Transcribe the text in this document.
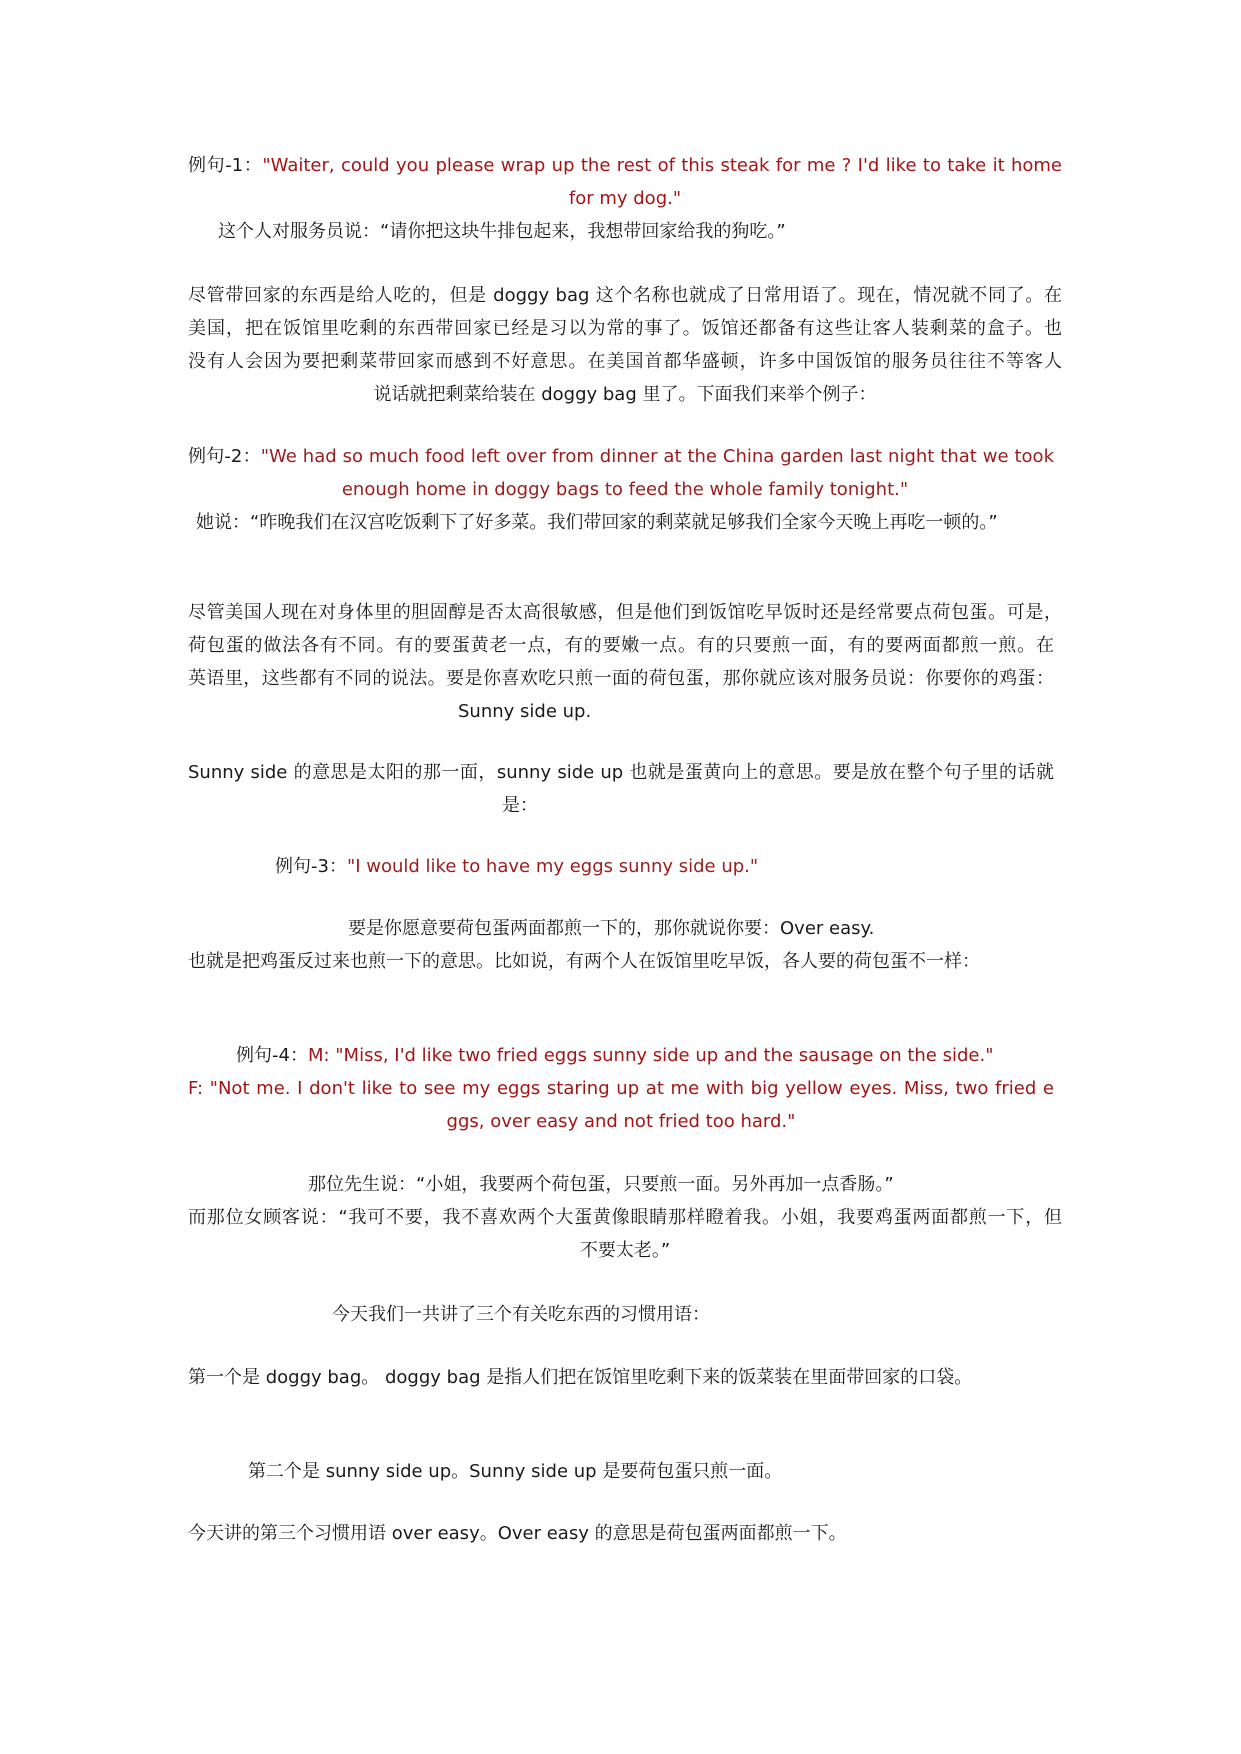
例句-1："Waiter, could you please wrap up the rest of this steak for me ? I'd like to take it home
for my dog."
这个人对服务员说：“请你把这块牛排包起来，我想带回家给我的狗吃。”
尽管带回家的东西是给人吃的，但是 doggy bag 这个名称也就成了日常用语了。现在，情况就不同了。在
美国，把在饭馆里吃剩的东西带回家已经是习以为常的事了。饭馆还都备有这些让客人装剩菜的盒子。也
没有人会因为要把剩菜带回家而感到不好意思。在美国首都华盛顿，许多中国饭馆的服务员往往不等客人
说话就把剩菜给装在 doggy bag 里了。下面我们来举个例子：
例句-2："We had so much food left over from dinner at the China garden last night that we took
enough home in doggy bags to feed the whole family tonight."
她说：“昨晚我们在汉宫吃饭剩下了好多菜。我们带回家的剩菜就足够我们全家今天晚上再吃一顿的。”
尽管美国人现在对身体里的胆固醇是否太高很敏感，但是他们到饭馆吃早饭时还是经常要点荷包蛋。可是，
荷包蛋的做法各有不同。有的要蛋黄老一点，有的要嫩一点。有的只要煎一面，有的要两面都煎一煎。在
英语里，这些都有不同的说法。要是你喜欢吃只煎一面的荷包蛋，那你就应该对服务员说：你要你的鸡蛋：
Sunny side up.
Sunny side 的意思是太阳的那一面，sunny side up 也就是蛋黄向上的意思。要是放在整个句子里的话就
是：
例句-3："I would like to have my eggs sunny side up."
要是你愿意要荷包蛋两面都煎一下的，那你就说你要：Over easy.
也就是把鸡蛋反过来也煎一下的意思。比如说，有两个人在饭馆里吃早饭，各人要的荷包蛋不一样：
例句-4：M: "Miss, I'd like two fried eggs sunny side up and the sausage on the side."
F: "Not me. I don't like to see my eggs staring up at me with big yellow eyes. Miss, two fried e
ggs, over easy and not fried too hard."
那位先生说：“小姐，我要两个荷包蛋，只要煎一面。另外再加一点香肠。”
而那位女顾客说：“我可不要，我不喜欢两个大蛋黄像眼睛那样瞪着我。小姐，我要鸡蛋两面都煎一下，但
不要太老。”
今天我们一共讲了三个有关吃东西的习惯用语：
第一个是 doggy bag。 doggy bag 是指人们把在饭馆里吃剩下来的饭菜装在里面带回家的口袋。
第二个是 sunny side up。Sunny side up 是要荷包蛋只煎一面。
今天讲的第三个习惯用语 over easy。Over easy 的意思是荷包蛋两面都煎一下。
